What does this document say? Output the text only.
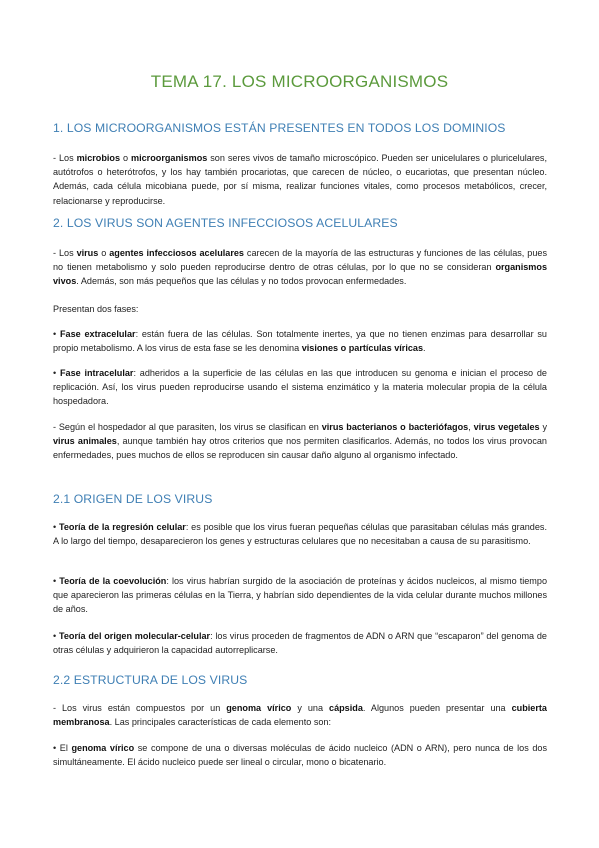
TEMA 17. LOS MICROORGANISMOS
1. LOS MICROORGANISMOS ESTÁN PRESENTES EN TODOS LOS DOMINIOS
- Los microbios o microorganismos son seres vivos de tamaño microscópico. Pueden ser unicelulares o pluricelulares, autótrofos o heterótrofos, y los hay también procariotas, que carecen de núcleo, o eucariotas, que presentan núcleo. Además, cada célula micobiana puede, por sí misma, realizar funciones vitales, como procesos metabólicos, crecer, relacionarse y reproducirse.
2. LOS VIRUS SON AGENTES INFECCIOSOS ACELULARES
- Los virus o agentes infecciosos acelulares carecen de la mayoría de las estructuras y funciones de las células, pues no tienen metabolismo y solo pueden reproducirse dentro de otras células, por lo que no se consideran organismos vivos. Además, son más pequeños que las células y no todos provocan enfermedades.
Presentan dos fases:
• Fase extracelular: están fuera de las células. Son totalmente inertes, ya que no tienen enzimas para desarrollar su propio metabolismo. A los virus de esta fase se les denomina visiones o partículas víricas.
• Fase intracelular: adheridos a la superficie de las células en las que introducen su genoma e inician el proceso de replicación. Así, los virus pueden reproducirse usando el sistema enzimático y la materia molecular propia de la célula hospedadora.
- Según el hospedador al que parasiten, los virus se clasifican en virus bacterianos o bacteriófagos, virus vegetales y virus animales, aunque también hay otros criterios que nos permiten clasificarlos. Además, no todos los virus provocan enfermedades, pues muchos de ellos se reproducen sin causar daño alguno al organismo infectado.
2.1 ORIGEN DE LOS VIRUS
• Teoría de la regresión celular: es posible que los virus fueran pequeñas células que parasitaban células más grandes. A lo largo del tiempo, desaparecieron los genes y estructuras celulares que no necesitaban a causa de su parasitismo.
• Teoría de la coevolución: los virus habrían surgido de la asociación de proteínas y ácidos nucleicos, al mismo tiempo que aparecieron las primeras células en la Tierra, y habrían sido dependientes de la vida celular durante muchos millones de años.
• Teoría del origen molecular-celular: los virus proceden de fragmentos de ADN o ARN que “escaparon” del genoma de otras células y adquirieron la capacidad autorreplicarse.
2.2 ESTRUCTURA DE LOS VIRUS
- Los virus están compuestos por un genoma vírico y una cápsida. Algunos pueden presentar una cubierta membranosa. Las principales características de cada elemento son:
• El genoma vírico se compone de una o diversas moléculas de ácido nucleico (ADN o ARN), pero nunca de los dos simultáneamente. El ácido nucleico puede ser lineal o circular, mono o bicatenario.
